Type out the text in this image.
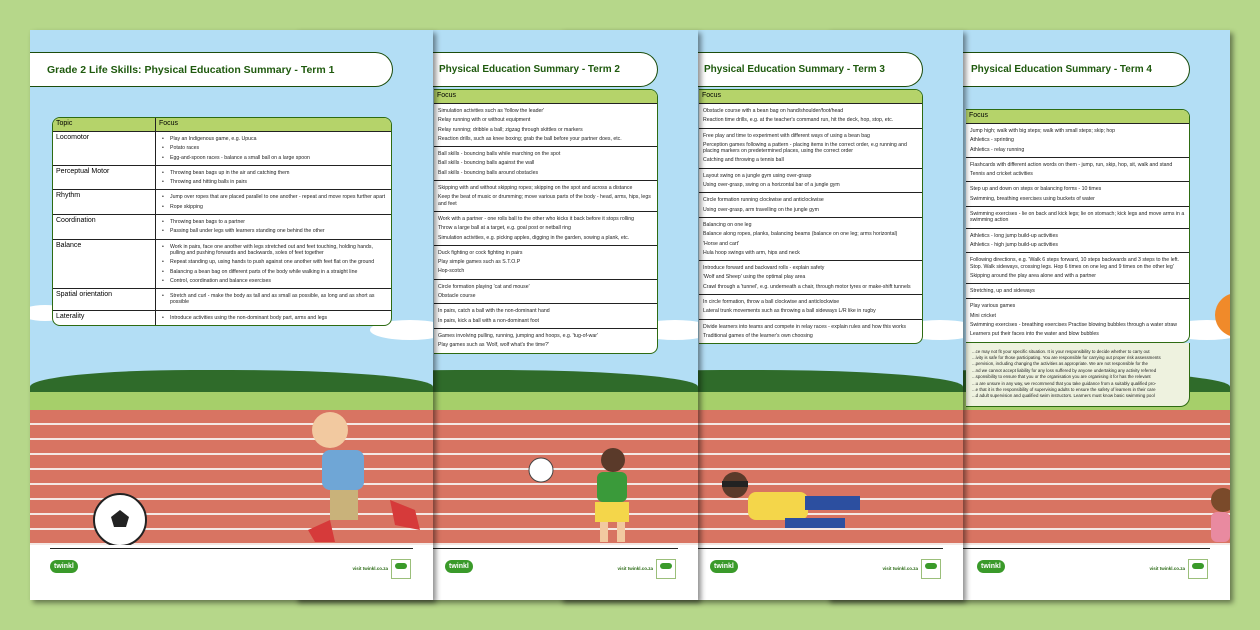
twinkl	visit twinkl.co.za
Grade 2 Life Skills: Physical Education Summary - Term 1
Topic	Focus
Locomotor	•	Play an Indigenous game, e.g. Upuca
•	Potato races
•	Egg-and-spoon races - balance a small ball on a large spoon
Perceptual Motor	•	Throwing bean bags up in the air and catching them
•	Throwing and hitting balls in pairs
Rhythm	•	Jump over ropes that are placed parallel to one another - repeat and move ropes further apart
•	Rope skipping
Coordination	•	Throwing bean bags to a partner
•	Passing ball under legs with learners standing one behind the other
Balance	•	Work in pairs, face one another with legs stretched out and feet touching, holding hands, pulling and pushing forwards and backwards, soles of feet together
•	Repeat standing up, using hands to push against one another with feet flat on the ground
•	Balancing a bean bag on different parts of the body while walking in a straight line
•	Control, coordination and balance exercises
Spatial orientation	•	Stretch and curl - make the body as tall and as small as possible, as long and as short as possible
Laterality	•	Introduce activities using the non-dominant body part, arms and legs
twinkl	visit twinkl.co.za
Physical Education Summary - Term 2
Focus
Simulation activities such as 'follow the leader'
Relay running with or without equipment
Relay running; dribble a ball; zigzag through skittles or markers
Reaction drills, such as knee boxing; grab the ball before your partner does, etc.
Ball skills - bouncing balls while marching on the spot
Ball skills - bouncing balls against the wall
Ball skills - bouncing balls around obstacles
Skipping with and without skipping ropes; skipping on the spot and across a distance
Keep the beat of music or drumming; move various parts of the body - head, arms, hips, legs and feet
Work with a partner - one rolls ball to the other who kicks it back before it stops rolling
Throw a large ball at a target, e.g. goal post or netball ring
Simulation activities, e.g. picking apples, digging in the garden, sowing a plank, etc.
Duck fighting or cock fighting in pairs
Play simple games such as S.T.O.P
Hop-scotch
Circle formation playing 'cat and mouse'
Obstacle course
In pairs, catch a ball with the non-dominant hand
In pairs, kick a ball with a non-dominant foot
Games involving pulling, running, jumping and hoops, e.g. 'tug-of-war'
Play games such as 'Wolf, wolf what's the time?'
twinkl	visit twinkl.co.za
Physical Education Summary - Term 3
Focus
Obstacle course with a bean bag on hand/shoulder/foot/head
Reaction time drills, e.g. at the teacher's command run, hit the deck, hop, stop, etc.
Free play and time to experiment with different ways of using a bean bag
Perception games following a pattern - placing items in the correct order, e.g running and placing markers on predetermined places, using the correct order
Catching and throwing a tennis ball
Layout swing on a jungle gym using over-grasp
Using over-grasp, swing on a horizontal bar of a jungle gym
Circle formation running clockwise and anticlockwise
Using over-grasp, arm travelling on the jungle gym
Balancing on one leg
Balance along ropes, planks, balancing beams (balance on one leg; arms horizontal)
'Horse and cart'
Hula hoop swings with arm, hips and neck
Introduce forward and backward rolls - explain safety
'Wolf and Sheep' using the optimal play area
Crawl through a 'tunnel', e.g. underneath a chair, through motor tyres or make-shift tunnels
In circle formation, throw a ball clockwise and anticlockwise
Lateral trunk movements such as throwing a ball sideways L/R like in rugby
Divide learners into teams and compete in relay races - explain rules and how this works
Traditional games of the learner's own choosing
twinkl	visit twinkl.co.za
Physical Education Summary - Term 4
Focus
Jump high; walk with big steps; walk with small steps; skip; hop
Athletics - sprinting
Athletics - relay running
Flashcards with different action words on them - jump, run, skip, hop, sit, walk and stand
Tennis and cricket activities
Step up and down on steps or balancing forms - 10 times
Swimming, breathing exercises using buckets of water
Swimming exercises - lie on back and kick legs; lie on stomach; kick legs and move arms in a swimming action
Athletics - long jump build-up activities
Athletics - high jump build-up activities
Following directions, e.g. 'Walk 6 steps forward, 10 steps backwards and 3 steps to the left. Stop. Walk sideways, crossing legs. Hop 6 times on one leg and 9 times on the other leg'
Skipping around the play area alone and with a partner
Stretching, up and sideways
Play various games
Mini cricket
Swimming exercises - breathing exercises Practise blowing bubbles through a water straw
Learners put their faces into the water and blow bubbles
...ce may not fit your specific situation. It is your responsibility to decide whether to carry out
...ivity is safe for those participating. You are responsible for carrying out proper risk assessments
...pervision, including changing the activities as appropriate. We are not responsible for the
...nd we cannot accept liability for any loss suffered by anyone undertaking any activity referred
...sponsibility to ensure that you or the organisation you are organising it for has the relevant
...u are unsure in any way, we recommend that you take guidance from a suitably qualified pro-
...e that it is the responsibility of supervising adults to ensure the safety of learners in their care
...d adult supervision and qualified swim instructors. Learners must know basic swimming pool
